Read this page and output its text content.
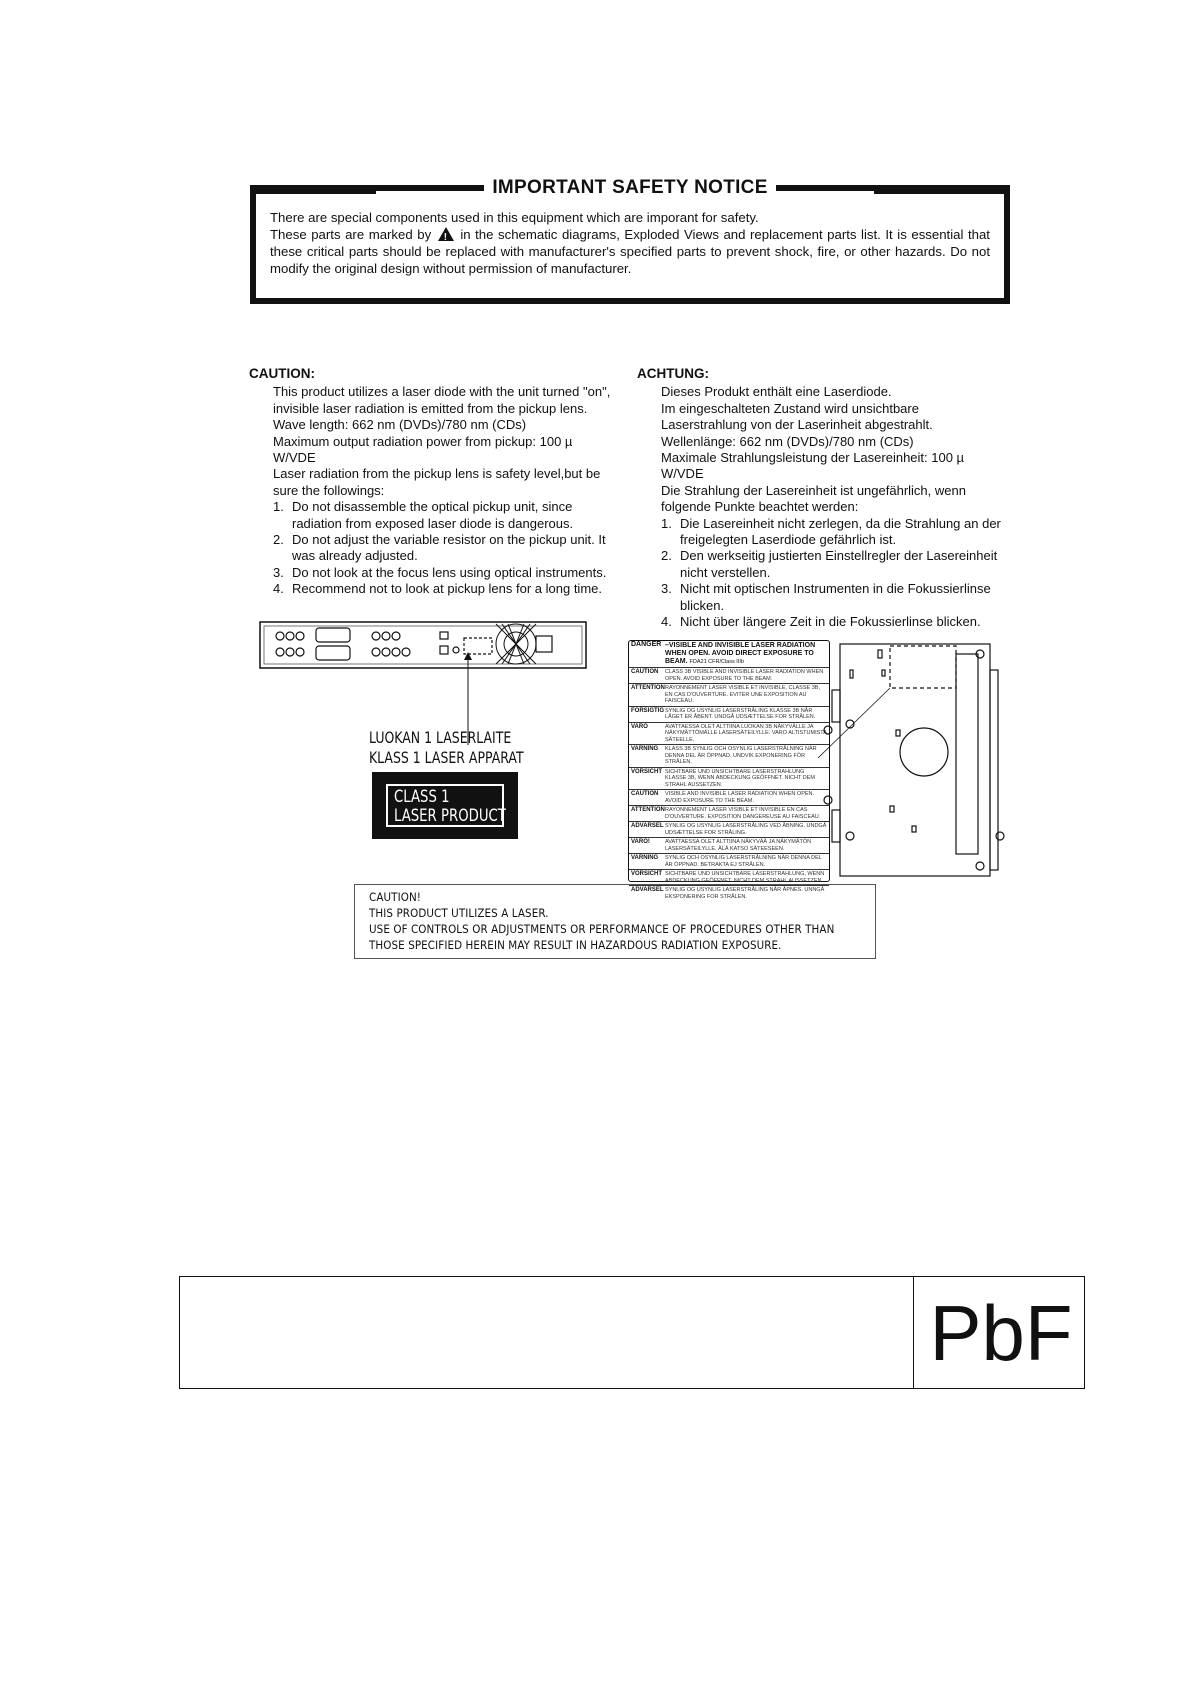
IMPORTANT SAFETY NOTICE
There are special components used in this equipment which are imporant for safety.
These parts are marked by ! in the schematic diagrams, Exploded Views and replacement parts list. It is essential that these critical parts should be replaced with manufacturer's specified parts to prevent shock, fire, or other hazards. Do not modify the original design without permission of manufacturer.
CAUTION:
This product utilizes a laser diode with the unit turned "on",
invisible laser radiation is emitted from the pickup lens.
Wave length: 662 nm (DVDs)/780 nm (CDs)
Maximum output radiation power from pickup: 100 µ
W/VDE
Laser radiation from the pickup lens is safety level,but be
sure the followings:
1. Do not disassemble the optical pickup unit, since radiation from exposed laser diode is dangerous.
2. Do not adjust the variable resistor on the pickup unit. It was already adjusted.
3. Do not look at the focus lens using optical instruments.
4. Recommend not to look at pickup lens for a long time.
ACHTUNG:
Dieses Produkt enthält eine Laserdiode.
Im eingeschalteten Zustand wird unsichtbare
Laserstrahlung von der Laserinheit abgestrahlt.
Wellenlänge: 662 nm (DVDs)/780 nm (CDs)
Maximale Strahlungsleistung der Lasereinheit: 100 µ
W/VDE
Die Strahlung der Lasereinheit ist ungefährlich, wenn
folgende Punkte beachtet werden:
1. Die Lasereinheit nicht zerlegen, da die Strahlung an der freigelegten Laserdiode gefährlich ist.
2. Den werkseitig justierten Einstellregler der Lasereinheit nicht verstellen.
3. Nicht mit optischen Instrumenten in die Fokussierlinse blicken.
4. Nicht über längere Zeit in die Fokussierlinse blicken.
LUOKAN 1 LASERLAITE
KLASS 1 LASER APPARAT
CLASS 1
LASER PRODUCT
DANGER –VISIBLE AND INVISIBLE LASER RADIATION WHEN OPEN. AVOID DIRECT EXPOSURE TO BEAM. FDA21 CFR/Class IIIb
CAUTION	CLASS 3B VISIBLE AND INVISIBLE LASER RADIATION WHEN OPEN. AVOID EXPOSURE TO THE BEAM.
ATTENTION RAYONNEMENT LASER VISIBLE ET INVISIBLE, CLASSE 3B, EN CAS D'OUVERTURE. EVITER UNE EXPOSITION AU FAISCEAU.
FORSIGTIG SYNLIG OG USYNLIG LASERSTRÅLING KLASSE 3B NÅR LÅGET ER ÅBENT. UNDGÅ UDSÆTTELSE FOR STRÅLEN.
VARO	AVATTAESSA OLET ALTTIINA LUOKAN 3B NÄKYVÄLLE JA NÄKYMÄTTÖMÄLLE LASERSÄTEILYLLE. VARO ALTISTUMISTA SÄTEELLE.
VARNING	KLASS 3B SYNLIG OCH OSYNLIG LASERSTRÅLNING NÄR DENNA DEL ÄR ÖPPNAD. UNDVIK EXPONERING FÖR STRÅLEN.
VORSICHT SICHTBARE UND UNSICHTBARE LASERSTRAHLUNG KLASSE 3B, WENN ABDECKUNG GEÖFFNET. NICHT DEM STRAHL AUSSETZEN.
CAUTION	VISIBLE AND INVISIBLE LASER RADIATION WHEN OPEN. AVOID EXPOSURE TO THE BEAM.
ATTENTION RAYONNEMENT LASER VISIBLE ET INVISIBLE EN CAS D'OUVERTURE. EXPOSITION DANGEREUSE AU FAISCEAU.
ADVARSEL SYNLIG OG USYNLIG LASERSTRÅLING VED ÅBNING. UNDGÅ UDSÆTTELSE FOR STRÅLING.
VARO!	AVATTAESSA OLET ALTTIINA NÄKYVÄÄ JA NÄKYMÄTÖN LASERSÄTEILYLLE. ÄLÄ KATSO SÄTEESEEN.
VARNING	SYNLIG OCH OSYNLIG LASERSTRÅLNING NÄR DENNA DEL ÄR ÖPPNAD. BETRAKTA EJ STRÅLEN.
VORSICHT SICHTBARE UND UNSICHTBARE LASERSTRAHLUNG, WENN ABDECKUNG GEÖFFNET. NICHT DEM STRAHL AUSSETZEN.
ADVARSEL SYNLIG OG USYNLIG LASERSTRÅLING NÅR ÅPNES. UNNGÅ EKSPONERING FOR STRÅLEN.
CAUTION!
THIS PRODUCT UTILIZES A LASER.
USE OF CONTROLS OR ADJUSTMENTS OR PERFORMANCE OF PROCEDURES OTHER THAN
THOSE SPECIFIED HEREIN MAY RESULT IN HAZARDOUS RADIATION EXPOSURE.
PbF
